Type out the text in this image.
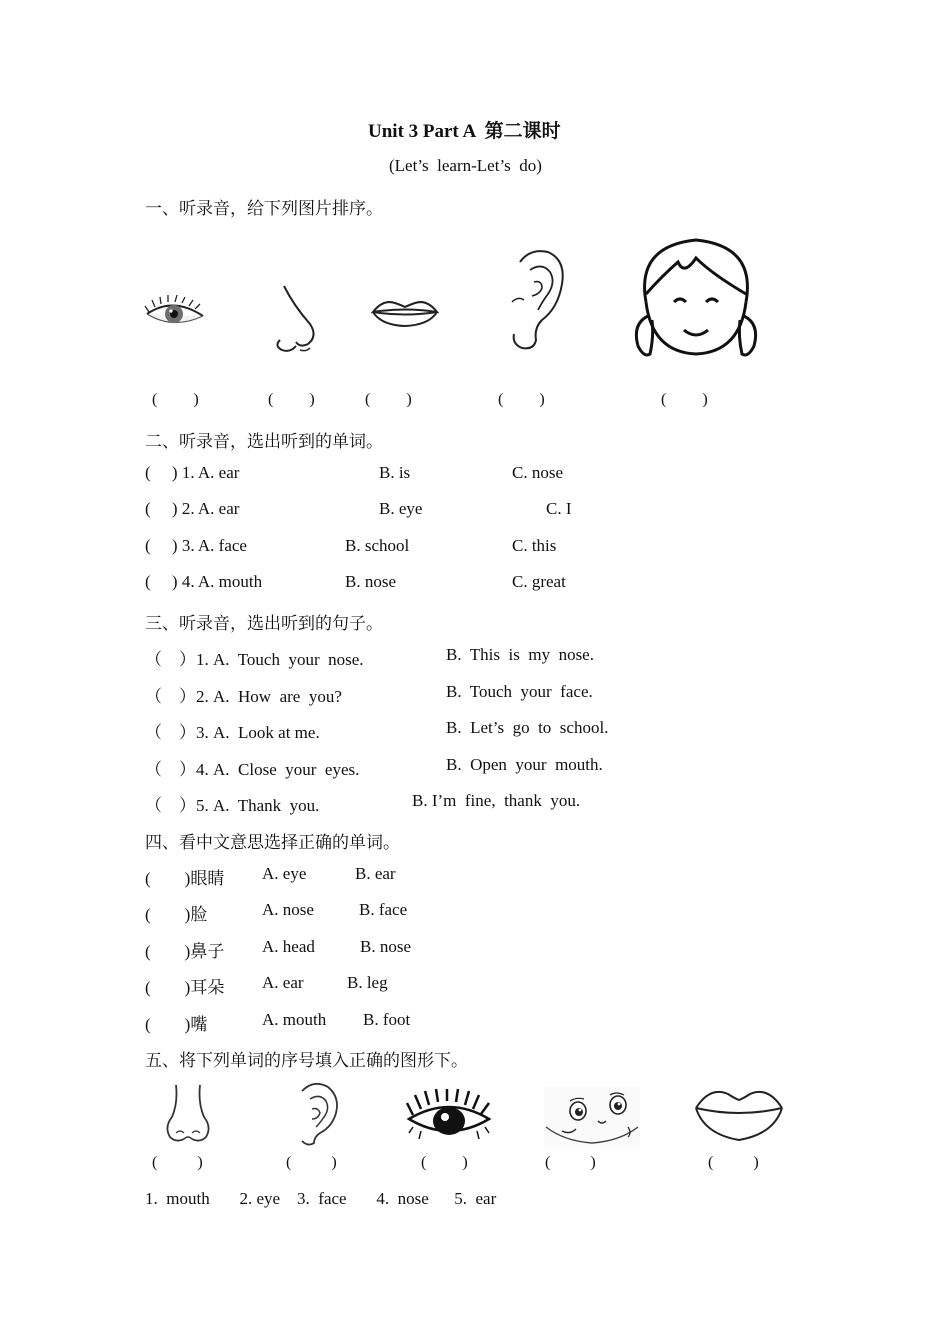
Unit 3 Part A  第二课时
(Let’s  learn-Let’s  do)
一、听录音，给下列图片排序。
(         )	(         )	(         )	(         )	(         )
二、听录音，选出听到的单词。
(     ) 1. A. ear	B. is	C. nose
(     ) 2. A. ear	B. eye	C. I
(     ) 3. A. face	B. school	C. this
(     ) 4. A. mouth	B. nose	C. great
三、听录音，选出听到的句子。
（    ）1. A.  Touch  your  nose.	B.  This  is  my  nose.
（    ）2. A.  How  are  you?	B.  Touch  your  face.
（    ）3. A.  Look at me.	B.  Let’s  go  to  school.
（    ）4. A.  Close  your  eyes.	B.  Open  your  mouth.
（    ）5. A.  Thank  you.	B. I’m  fine,  thank  you.
四、看中文意思选择正确的单词。
(        )眼睛 A. eye	B. ear
(        )脸	A. nose	B. face
(        )鼻子 A. head	B. nose
(        )耳朵 A. ear	B. leg
(        )嘴	A. mouth B. foot
五、将下列单词的序号填入正确的图形下。
(          )	(          )	(         )	(          )	(          )
1.  mouth       2. eye    3.  face       4.  nose      5.  ear
